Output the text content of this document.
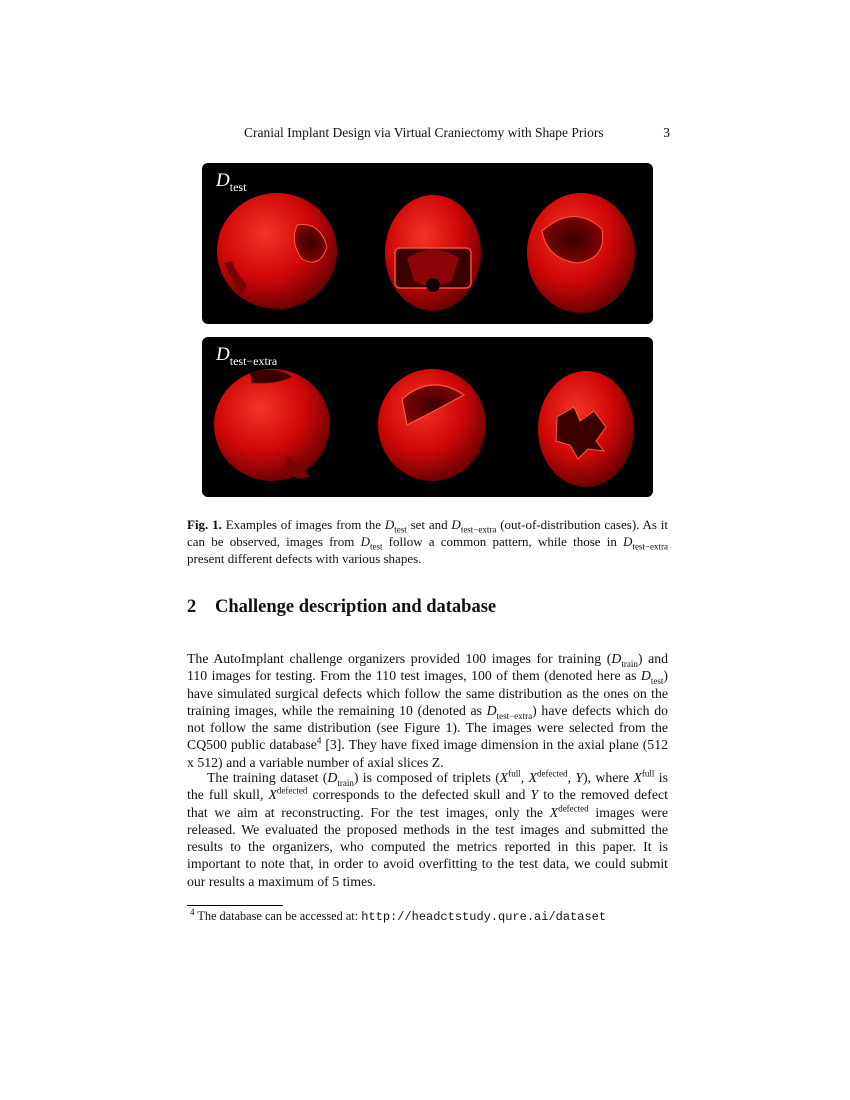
Cranial Implant Design via Virtual Craniectomy with Shape Priors	3
$D_{test}$
$D_{test-extra}$
Fig. 1. Examples of images from the $D_{test}$ set and $D_{test-extra}$ (out-of-distribution cases). As it can be observed, images from $D_{test}$ follow a common pattern, while those in $D_{test-extra}$ present different defects with various shapes.
2 Challenge description and database
The AutoImplant challenge organizers provided 100 images for training $(D_{train})$ and 110 images for testing. From the 110 test images, 100 of them (denoted here as $D_{test}$) have simulated surgical defects which follow the same distribution as the ones on the training images, while the remaining 10 (denoted as $D_{test-extra}$) have defects which do not follow the same distribution (see Figure 1). The images were selected from the CQ500 public database$^4$ [3]. They have fixed image dimension in the axial plane (512 x 512) and a variable number of axial slices Z.
The training dataset $(D_{train})$ is composed of triplets ($X^{full}$, $X^{defected}$, Y), where $X^{full}$ is the full skull, $X^{defected}$ corresponds to the defected skull and Y to the removed defect that we aim at reconstructing. For the test images, only the $X^{defected}$ images were released. We evaluated the proposed methods in the test images and submitted the results to the organizers, who computed the metrics reported in this paper. It is important to note that, in order to avoid overfitting to the test data, we could submit our results a maximum of 5 times.
$^4$ The database can be accessed at: http://headctstudy.qure.ai/dataset
